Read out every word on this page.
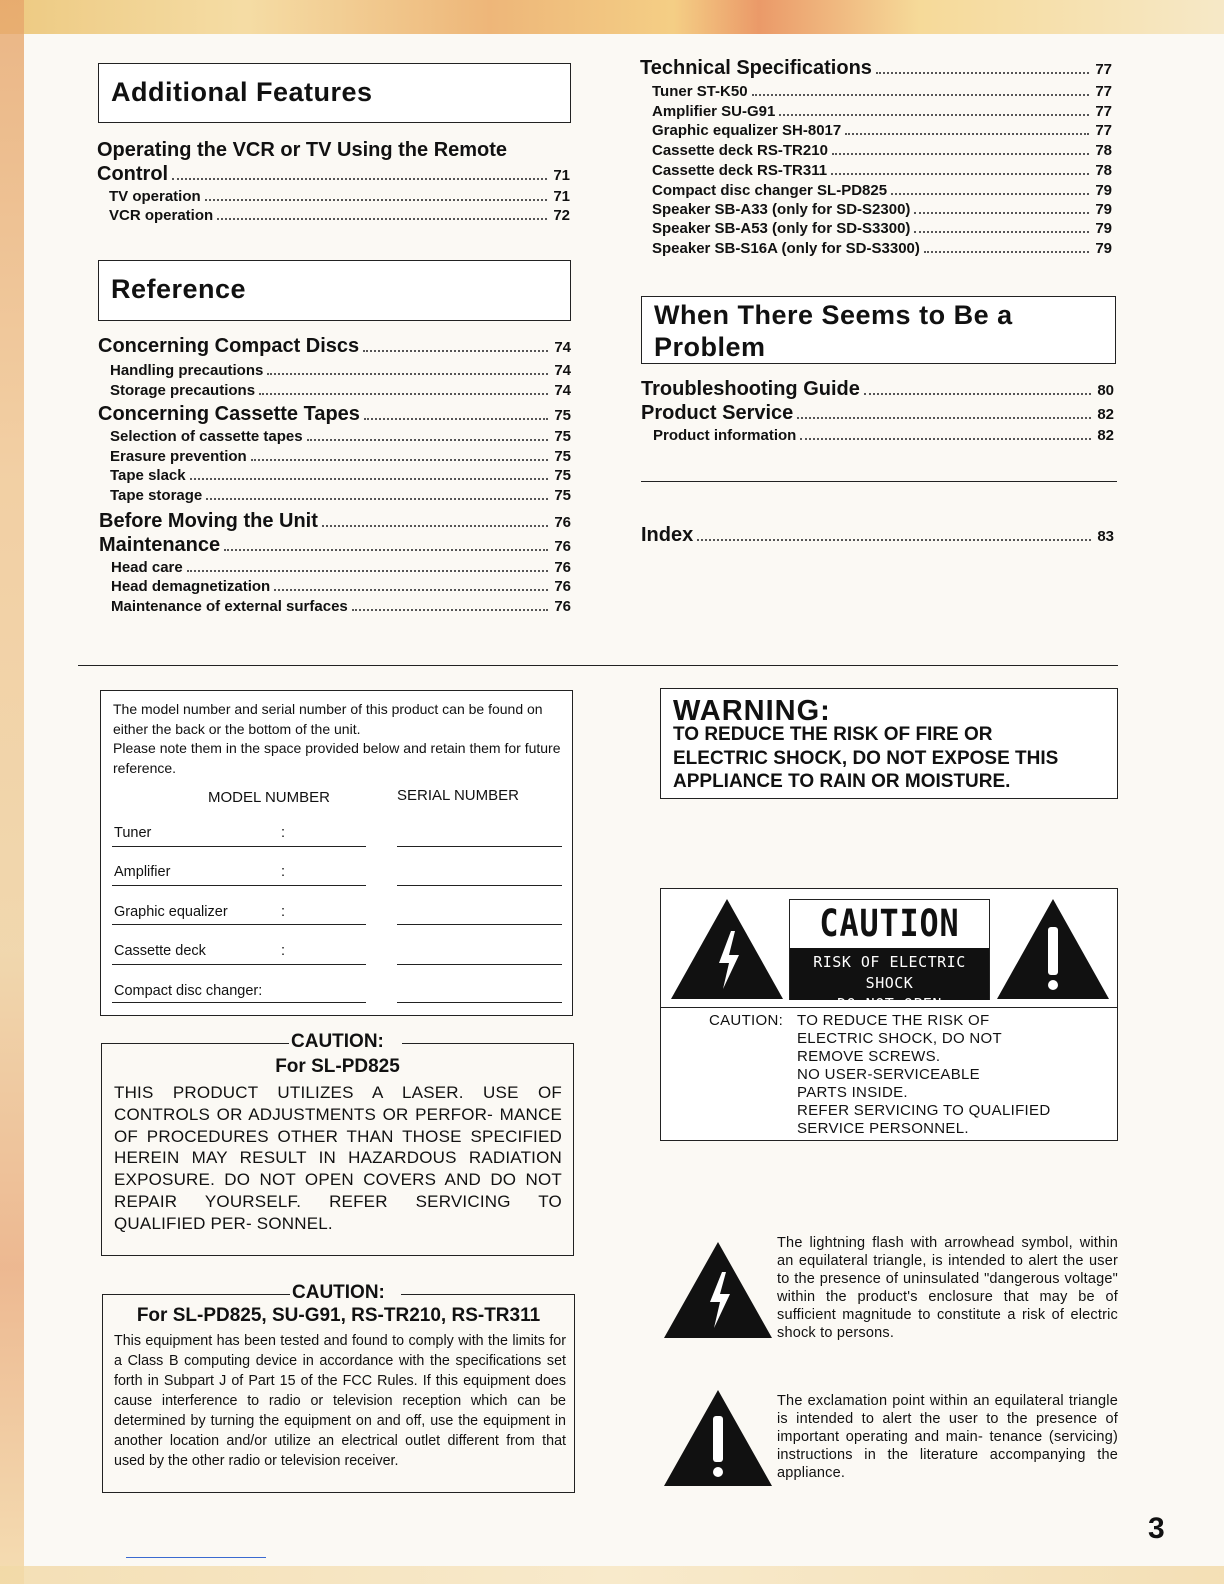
Additional Features
Operating the VCR or TV Using the Remote
Control	71
TV operation	71
VCR operation	72
Reference
Concerning Compact Discs	74
Handling precautions	74
Storage precautions	74
Concerning Cassette Tapes	75
Selection of cassette tapes	75
Erasure prevention	75
Tape slack	75
Tape storage	75
Before Moving the Unit	76
Maintenance	76
Head care	76
Head demagnetization	76
Maintenance of external surfaces	76
Technical Specifications	77
Tuner ST-K50	77
Amplifier SU-G91	77
Graphic equalizer SH-8017	77
Cassette deck RS-TR210	78
Cassette deck RS-TR311	78
Compact disc changer SL-PD825	79
Speaker SB-A33 (only for SD-S2300)	79
Speaker SB-A53 (only for SD-S3300)	79
Speaker SB-S16A (only for SD-S3300)	79
When There Seems to Be a
Problem
Troubleshooting Guide	80
Product Service	82
Product information	82
Index	83
The model number and serial number of this product can be found on either the back or the bottom of the unit.
Please note them in the space provided below and retain them for future reference.
MODEL NUMBER	SERIAL NUMBER
Tuner	:
Amplifier	:
Graphic equalizer	:
Cassette deck	:
Compact disc changer:
CAUTION:
For SL-PD825
THIS PRODUCT UTILIZES A LASER. USE OF CONTROLS OR ADJUSTMENTS OR PERFOR- MANCE OF PROCEDURES OTHER THAN THOSE SPECIFIED HEREIN MAY RESULT IN HAZARDOUS RADIATION EXPOSURE. DO NOT OPEN COVERS AND DO NOT REPAIR YOURSELF. REFER SERVICING TO QUALIFIED PER- SONNEL.
CAUTION:
For SL-PD825, SU-G91, RS-TR210, RS-TR311
This equipment has been tested and found to comply with the limits for a Class B computing device in accordance with the specifications set forth in Subpart J of Part 15 of the FCC Rules. If this equipment does cause interference to radio or television reception which can be determined by turning the equipment on and off, use the equipment in another location and/or utilize an electrical outlet different from that used by the other radio or television receiver.
WARNING:
TO REDUCE THE RISK OF FIRE OR
ELECTRIC SHOCK, DO NOT EXPOSE THIS
APPLIANCE TO RAIN OR MOISTURE.
CAUTION
RISK OF ELECTRIC SHOCK
DO NOT OPEN
CAUTION: TO REDUCE THE RISK OF
ELECTRIC SHOCK, DO NOT
REMOVE SCREWS.
NO USER-SERVICEABLE
PARTS INSIDE.
REFER SERVICING TO QUALIFIED
SERVICE PERSONNEL.
The lightning flash with arrowhead symbol, within an equilateral triangle, is intended to alert the user to the presence of uninsulated "dangerous voltage" within the product's enclosure that may be of sufficient magnitude to constitute a risk of electric shock to persons.
The exclamation point within an equilateral triangle is intended to alert the user to the presence of important operating and main- tenance (servicing) instructions in the literature accompanying the appliance.
3
